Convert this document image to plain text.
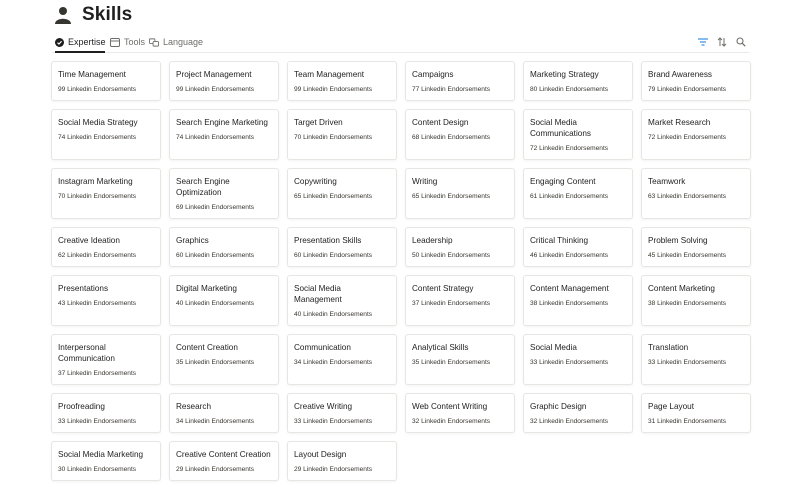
Skills
Expertise Tools Language
Time Management
99 Linkedin Endorsements
Project Management
99 Linkedin Endorsements
Team Management
99 Linkedin Endorsements
Campaigns
77 Linkedin Endorsements
Marketing Strategy
80 Linkedin Endorsements
Brand Awareness
79 Linkedin Endorsements
Social Media Strategy
74 Linkedin Endorsements
Search Engine Marketing
74 Linkedin Endorsements
Target Driven
70 Linkedin Endorsements
Content Design
68 Linkedin Endorsements
Social Media Communications
72 Linkedin Endorsements
Market Research
72 Linkedin Endorsements
Instagram Marketing
70 Linkedin Endorsements
Search Engine Optimization
69 Linkedin Endorsements
Copywriting
65 Linkedin Endorsements
Writing
65 Linkedin Endorsements
Engaging Content
61 Linkedin Endorsements
Teamwork
63 Linkedin Endorsements
Creative Ideation
62 Linkedin Endorsements
Graphics
60 Linkedin Endorsements
Presentation Skills
60 Linkedin Endorsements
Leadership
50 Linkedin Endorsements
Critical Thinking
46 Linkedin Endorsements
Problem Solving
45 Linkedin Endorsements
Presentations
43 Linkedin Endorsements
Digital Marketing
40 Linkedin Endorsements
Social Media Management
40 Linkedin Endorsements
Content Strategy
37 Linkedin Endorsements
Content Management
38 Linkedin Endorsements
Content Marketing
38 Linkedin Endorsements
Interpersonal Communication
37 Linkedin Endorsements
Content Creation
35 Linkedin Endorsements
Communication
34 Linkedin Endorsements
Analytical Skills
35 Linkedin Endorsements
Social Media
33 Linkedin Endorsements
Translation
33 Linkedin Endorsements
Proofreading
33 Linkedin Endorsements
Research
34 Linkedin Endorsements
Creative Writing
33 Linkedin Endorsements
Web Content Writing
32 Linkedin Endorsements
Graphic Design
32 Linkedin Endorsements
Page Layout
31 Linkedin Endorsements
Social Media Marketing
30 Linkedin Endorsements
Creative Content Creation
29 Linkedin Endorsements
Layout Design
29 Linkedin Endorsements
